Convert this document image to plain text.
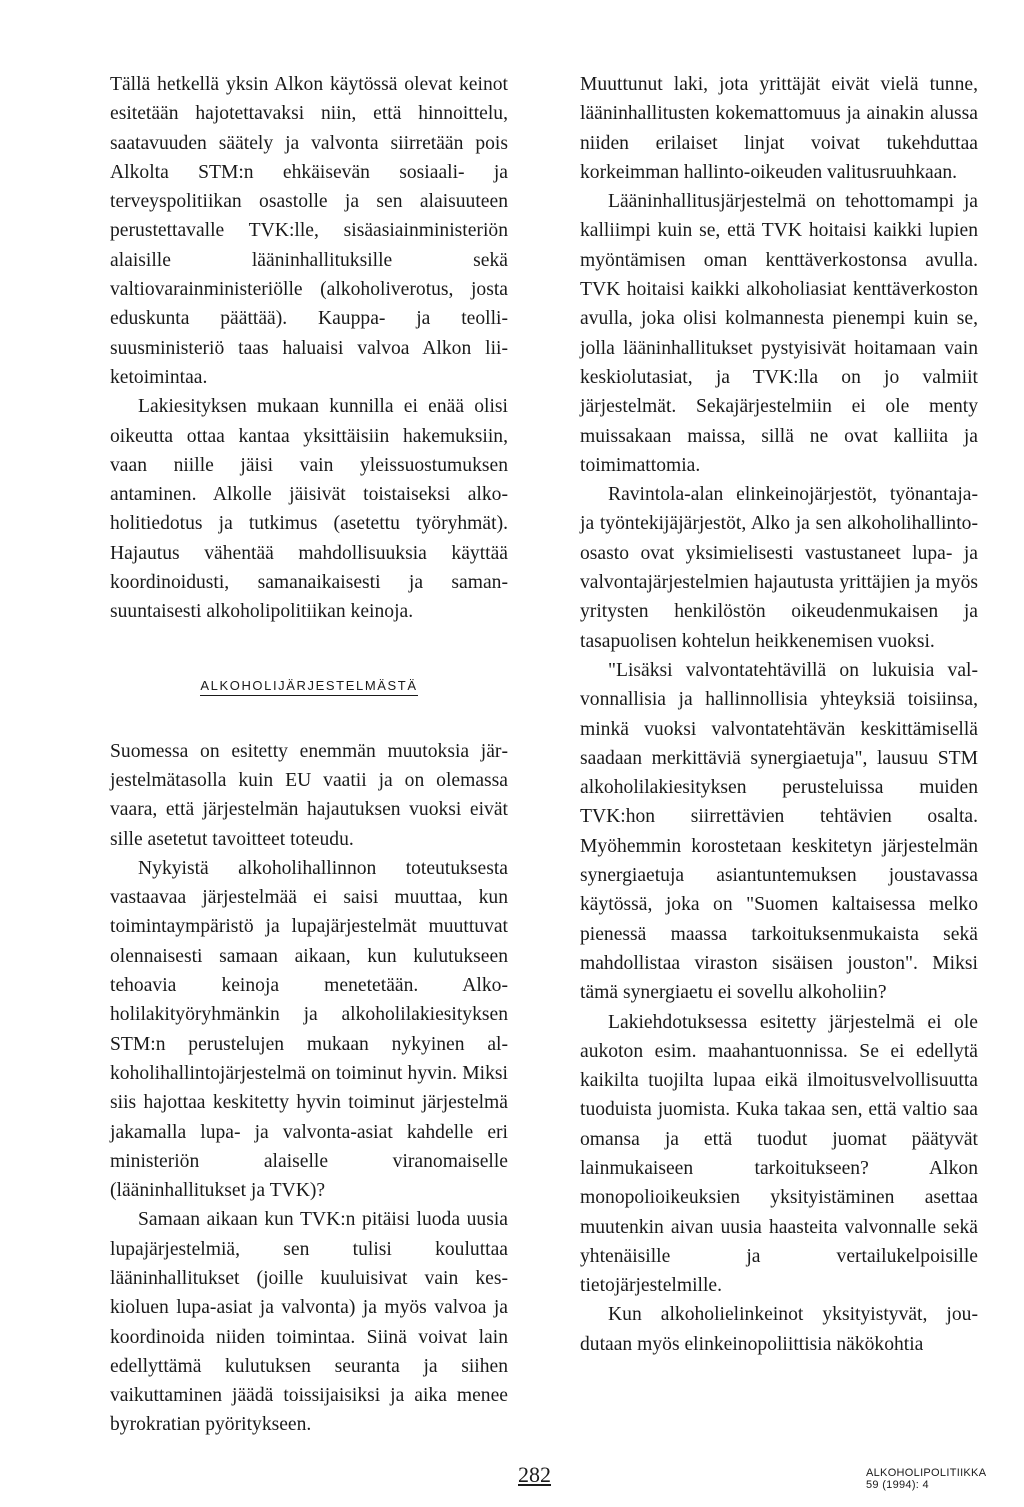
Tällä hetkellä yksin Alkon käytössä olevat keinot esitetään hajotettavaksi niin, että hinnoittelu, saatavuuden säätely ja valvonta siirretään pois Alkolta STM:n ehkäisevän sosiaali- ja terveyspolitiikan osastolle ja sen alaisuuteen perustettavalle TVK:lle, sisäasiainministeriön alaisille lääninhallituksille sekä valtiovarainministeriölle (alkoholiverotus, josta eduskunta päättää). Kauppa- ja teollisuusministeriö taas haluaisi valvoa Alkon liiketoimintaa.

Lakiesityksen mukaan kunnilla ei enää olisi oikeutta ottaa kantaa yksittäisiin hakemuksiin, vaan niille jäisi vain yleissuostumuksen antaminen. Alkolle jäisivät toistaiseksi alkoholitiedotus ja tutkimus (asetettu työryhmät). Hajautus vähentää mahdollisuuksia käyttää koordinoidusti, samanaikaisesti ja samansuuntaisesti alkoholipolitiikan keinoja.

ALKOHOLIJÄRJESTELMÄSTÄ

Suomessa on esitetty enemmän muutoksia järjestelmätasolla kuin EU vaatii ja on olemassa vaara, että järjestelmän hajautuksen vuoksi eivät sille asetetut tavoitteet toteudu.

Nykyistä alkoholihallinnon toteutuksesta vastaavaa järjestelmää ei saisi muuttaa, kun toimintaympäristö ja lupajärjestelmät muuttuvat olennaisesti samaan aikaan, kun kulutukseen tehoavia keinoja menetetään. Alkoholilakityöryhmänkin ja alkoholilakiesityksen STM:n perustelujen mukaan nykyinen alkoholihallintojärjestelmä on toiminut hyvin. Miksi siis hajottaa keskitetty hyvin toiminut järjestelmä jakamalla lupa- ja valvonta-asiat kahdelle eri ministeriön alaiselle viranomaiselle (lääninhallitukset ja TVK)?

Samaan aikaan kun TVK:n pitäisi luoda uusia lupajärjestelmiä, sen tulisi kouluttaa lääninhallitukset (joille kuuluisivat vain keskioluen lupa-asiat ja valvonta) ja myös valvoa ja koordinoida niiden toimintaa. Siinä voivat lain edellyttämä kulutuksen seuranta ja siihen vaikuttaminen jäädä toissijaisiksi ja aika menee byrokratian pyöritykseen.

Muuttunut laki, jota yrittäjät eivät vielä tunne, lääninhallitusten kokemattomuus ja ainakin alussa niiden erilaiset linjat voivat tukehduttaa korkeimman hallinto-oikeuden valitusruuhkaan.

Lääninhallitusjärjestelmä on tehottomampi ja kalliimpi kuin se, että TVK hoitaisi kaikki lupien myöntämisen oman kenttäverkostonsa avulla. TVK hoitaisi kaikki alkoholiasiat kenttäverkoston avulla, joka olisi kolmannesta pienempi kuin se, jolla lääninhallitukset pystyisivät hoitamaan vain keskiolutasiat, ja TVK:lla on jo valmiit järjestelmät. Sekajärjestelmiin ei ole menty muissakaan maissa, sillä ne ovat kalliita ja toimimattomia.

Ravintola-alan elinkeinojärjestöt, työnantaja- ja työntekijäjärjestöt, Alko ja sen alkoholihallinto-osasto ovat yksimielisesti vastustaneet lupa- ja valvontajärjestelmien hajautusta yrittäjien ja myös yritysten henkilöstön oikeudenmukaisen ja tasapuolisen kohtelun heikkenemisen vuoksi.

"Lisäksi valvontatehtävillä on lukuisia valvonnallisia ja hallinnollisia yhteyksiä toisiinsa, minkä vuoksi valvontatehtävän keskittämisellä saadaan merkittäviä synergiaetuja", lausuu STM alkoholilakiesityksen perusteluissa muiden TVK:hon siirrettävien tehtävien osalta. Myöhemmin korostetaan keskitetyn järjestelmän synergiaetuja asiantuntemuksen joustavassa käytössä, joka on "Suomen kaltaisessa melko pienessä maassa tarkoituksenmukaista sekä mahdollistaa viraston sisäisen jouston". Miksi tämä synergiaetu ei sovellu alkoholiin?

Lakiehdotuksessa esitetty järjestelmä ei ole aukoton esim. maahantuonnissa. Se ei edellytä kaikilta tuojilta lupaa eikä ilmoitusvelvollisuutta tuoduista juomista. Kuka takaa sen, että valtio saa omansa ja että tuodut juomat päätyvät lainmukaiseen tarkoitukseen? Alkon monopolioikeuksien yksityistäminen asettaa muutenkin aivan uusia haasteita valvonnalle sekä yhtenäisille ja vertailukelpoisille tietojärjestelmille.

Kun alkoholielinkeinot yksityistyvät, joudutaan myös elinkeinopoliittisia näkökohtia

282	ALKOHOLIPOLITIIKKA
59 (1994): 4
